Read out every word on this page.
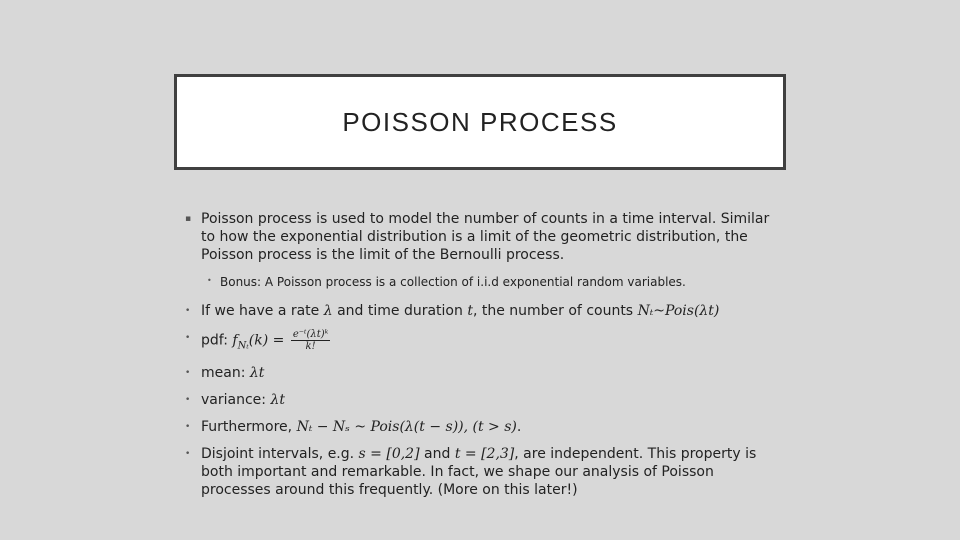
POISSON PROCESS
▪ Poisson process is used to model the number of counts in a time interval. Similar to how the exponential distribution is a limit of the geometric distribution, the Poisson process is the limit of the Bernoulli process.
• Bonus: A Poisson process is a collection of i.i.d exponential random variables.
• If we have a rate λ and time duration t, the number of counts Nₜ~Pois(λt)
• pdf: $f_{N_t}(k) = \frac{\text{e⁻ᵗ(λt)ᵏ}}{k!}$
• mean: λt
• variance: λt
• Furthermore, Nₜ − Nₛ ~ Pois(λ(t − s)), (t > s).
• Disjoint intervals, e.g. s = [0,2] and t = [2,3], are independent. This property is both important and remarkable. In fact, we shape our analysis of Poisson processes around this frequently. (More on this later!)
